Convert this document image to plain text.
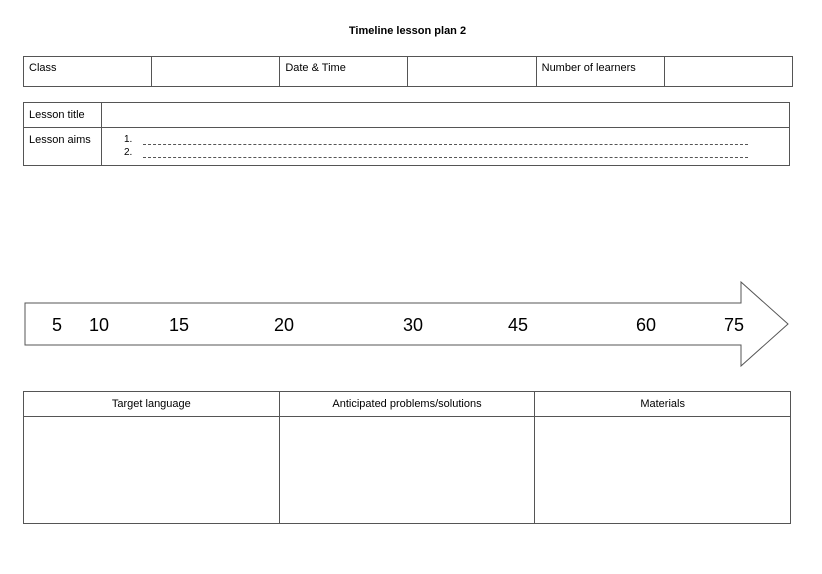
Timeline lesson plan 2
Class		Date & Time		Number of learners	
Lesson title	
Lesson aims	1.
2.
5 10	15	20	30	45	60	75
Target language	Anticipated problems/solutions	Materials
